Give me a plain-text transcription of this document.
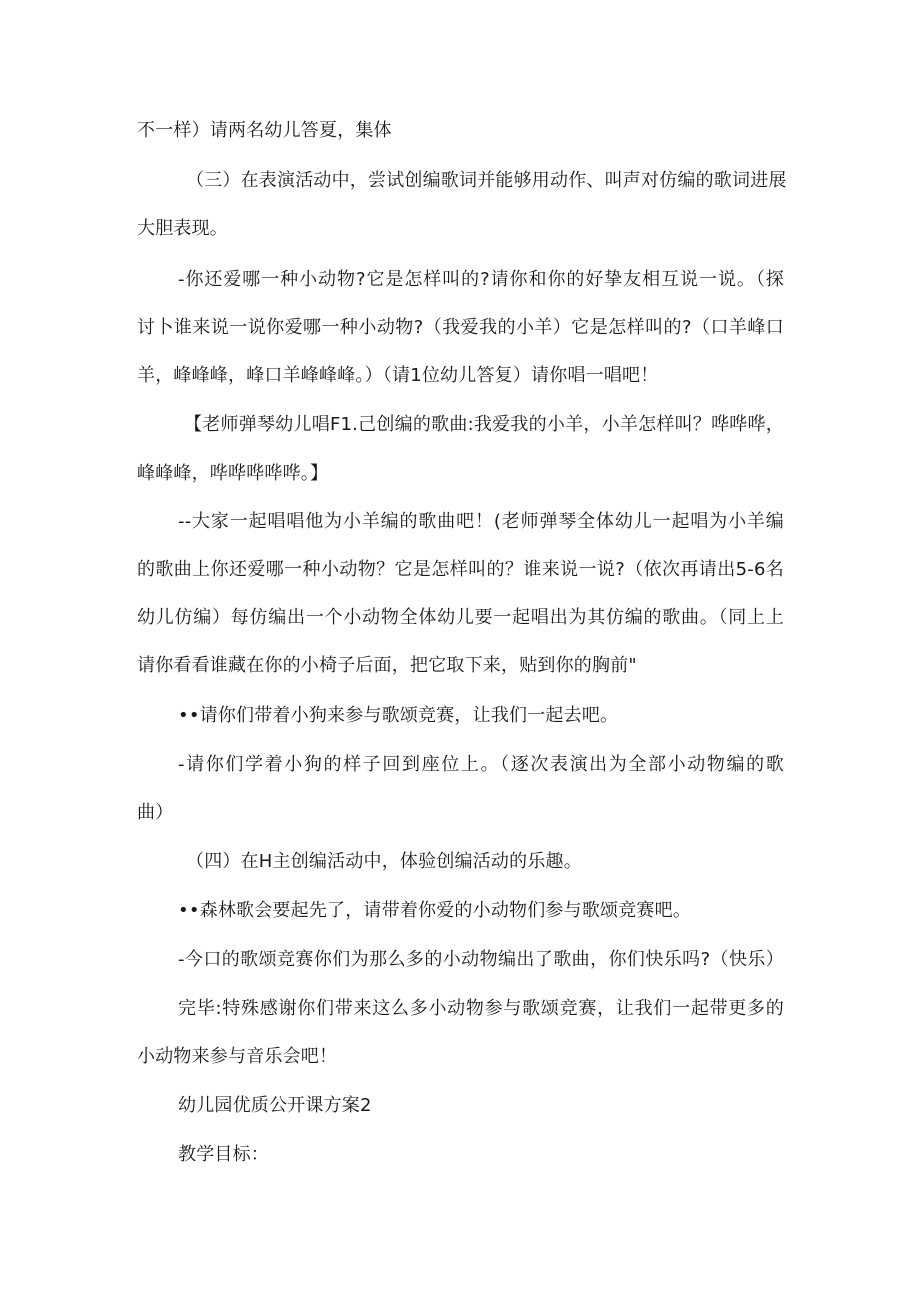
不一样）请两名幼儿答夏，集体
（三）在表演活动中，尝试创编歌词并能够用动作、叫声对仿编的歌词进展
大胆表现。
-你还爱哪一种小动物?它是怎样叫的?请你和你的好挚友相互说一说。（探
讨卜谁来说一说你爱哪一种小动物?（我爱我的小羊）它是怎样叫的?（口羊峰口
羊，峰峰峰，峰口羊峰峰峰。）（请1位幼儿答复）请你唱一唱吧！
【老师弹琴幼儿唱F1.己创编的歌曲:我爱我的小羊，小羊怎样叫？哗哗哗，
峰峰峰，哗哗哗哗哗。】
--大家一起唱唱他为小羊编的歌曲吧！(老师弹琴全体幼儿一起唱为小羊编
的歌曲上你还爱哪一种小动物？它是怎样叫的？谁来说一说?（依次再请出5-6名
幼儿仿编）每仿编出一个小动物全体幼儿要一起唱出为其仿编的歌曲。（同上上
请你看看谁藏在你的小椅子后面，把它取下来，贴到你的胸前"
••请你们带着小狗来参与歌颂竞赛，让我们一起去吧。
-请你们学着小狗的样子回到座位上。（逐次表演出为全部小动物编的歌
曲）
（四）在H主创编活动中，体验创编活动的乐趣。
••森林歌会要起先了，请带着你爱的小动物们参与歌颂竞赛吧。
-今口的歌颂竞赛你们为那么多的小动物编出了歌曲，你们快乐吗?（快乐）
完毕:特殊感谢你们带来这么多小动物参与歌颂竞赛，让我们一起带更多的
小动物来参与音乐会吧！
幼儿园优质公开课方案2
教学目标：
